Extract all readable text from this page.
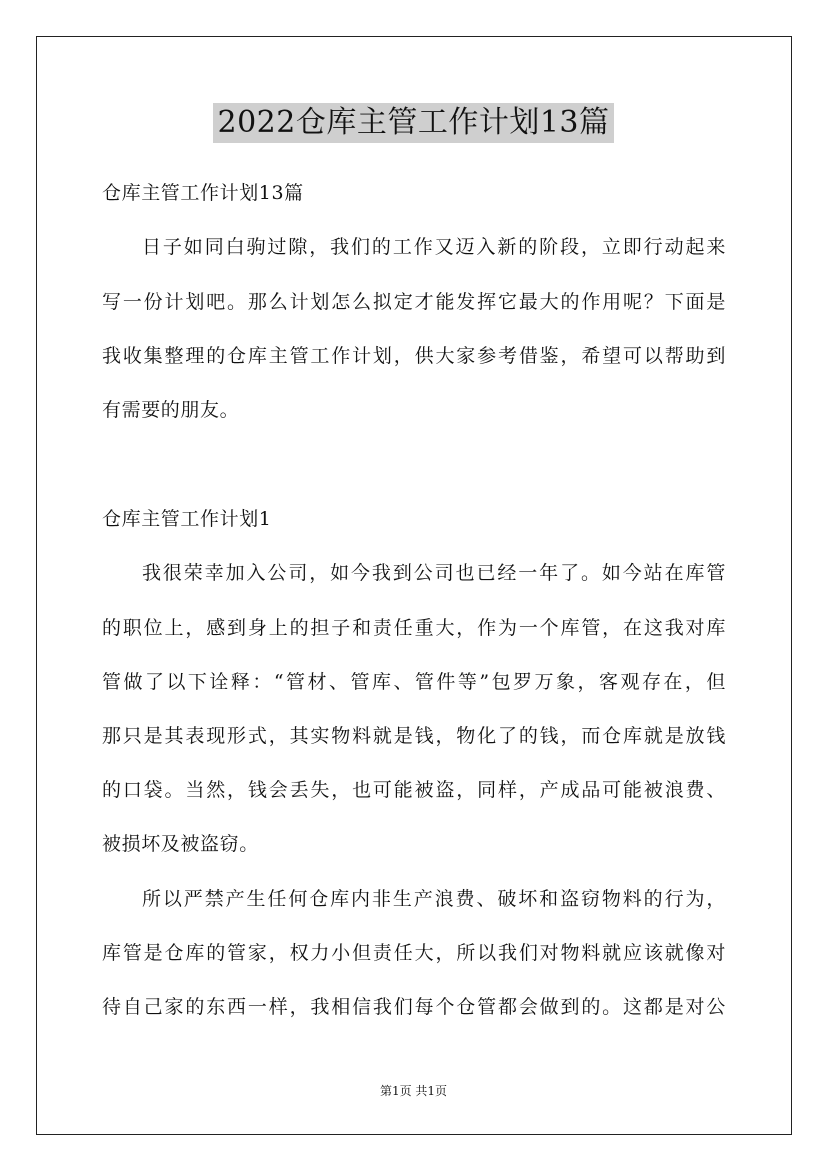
2022仓库主管工作计划13篇
仓库主管工作计划13篇
日子如同白驹过隙，我们的工作又迈入新的阶段，立即行动起来
写一份计划吧。那么计划怎么拟定才能发挥它最大的作用呢？下面是
我收集整理的仓库主管工作计划，供大家参考借鉴，希望可以帮助到
有需要的朋友。
仓库主管工作计划1
我很荣幸加入公司，如今我到公司也已经一年了。如今站在库管
的职位上，感到身上的担子和责任重大，作为一个库管，在这我对库
管做了以下诠释：“管材、管库、管件等”包罗万象，客观存在，但
那只是其表现形式，其实物料就是钱，物化了的钱，而仓库就是放钱
的口袋。当然，钱会丢失，也可能被盗，同样，产成品可能被浪费、
被损坏及被盗窃。
所以严禁产生任何仓库内非生产浪费、破坏和盗窃物料的行为，
库管是仓库的管家，权力小但责任大，所以我们对物料就应该就像对
待自己家的东西一样，我相信我们每个仓管都会做到的。这都是对公
第1页 共1页
